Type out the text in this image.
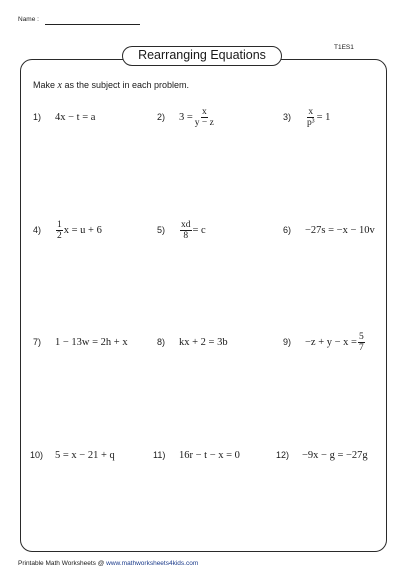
Name :
Rearranging Equations
T1ES1
Make x as the subject in each problem.
1)	4x − t = a	2)	$3 = \frac{x}{y - z}$	3)	$\frac{x}{\text{p³}} = 1$
4)	$\frac{1}{2}$ x = u + 6	5)	$\frac{xd}{8} = c$	6)	−27s = −x − 10v
7)	1 − 13w = 2h + x	8)	kx + 2 = 3b	9)	$-z + y - x = \frac{5}{7}$
10)	5 = x − 21 + q	11)	16r − t − x = 0	12)	−9x − g = −27g
Printable Math Worksheets @ www.mathworksheets4kids.com
